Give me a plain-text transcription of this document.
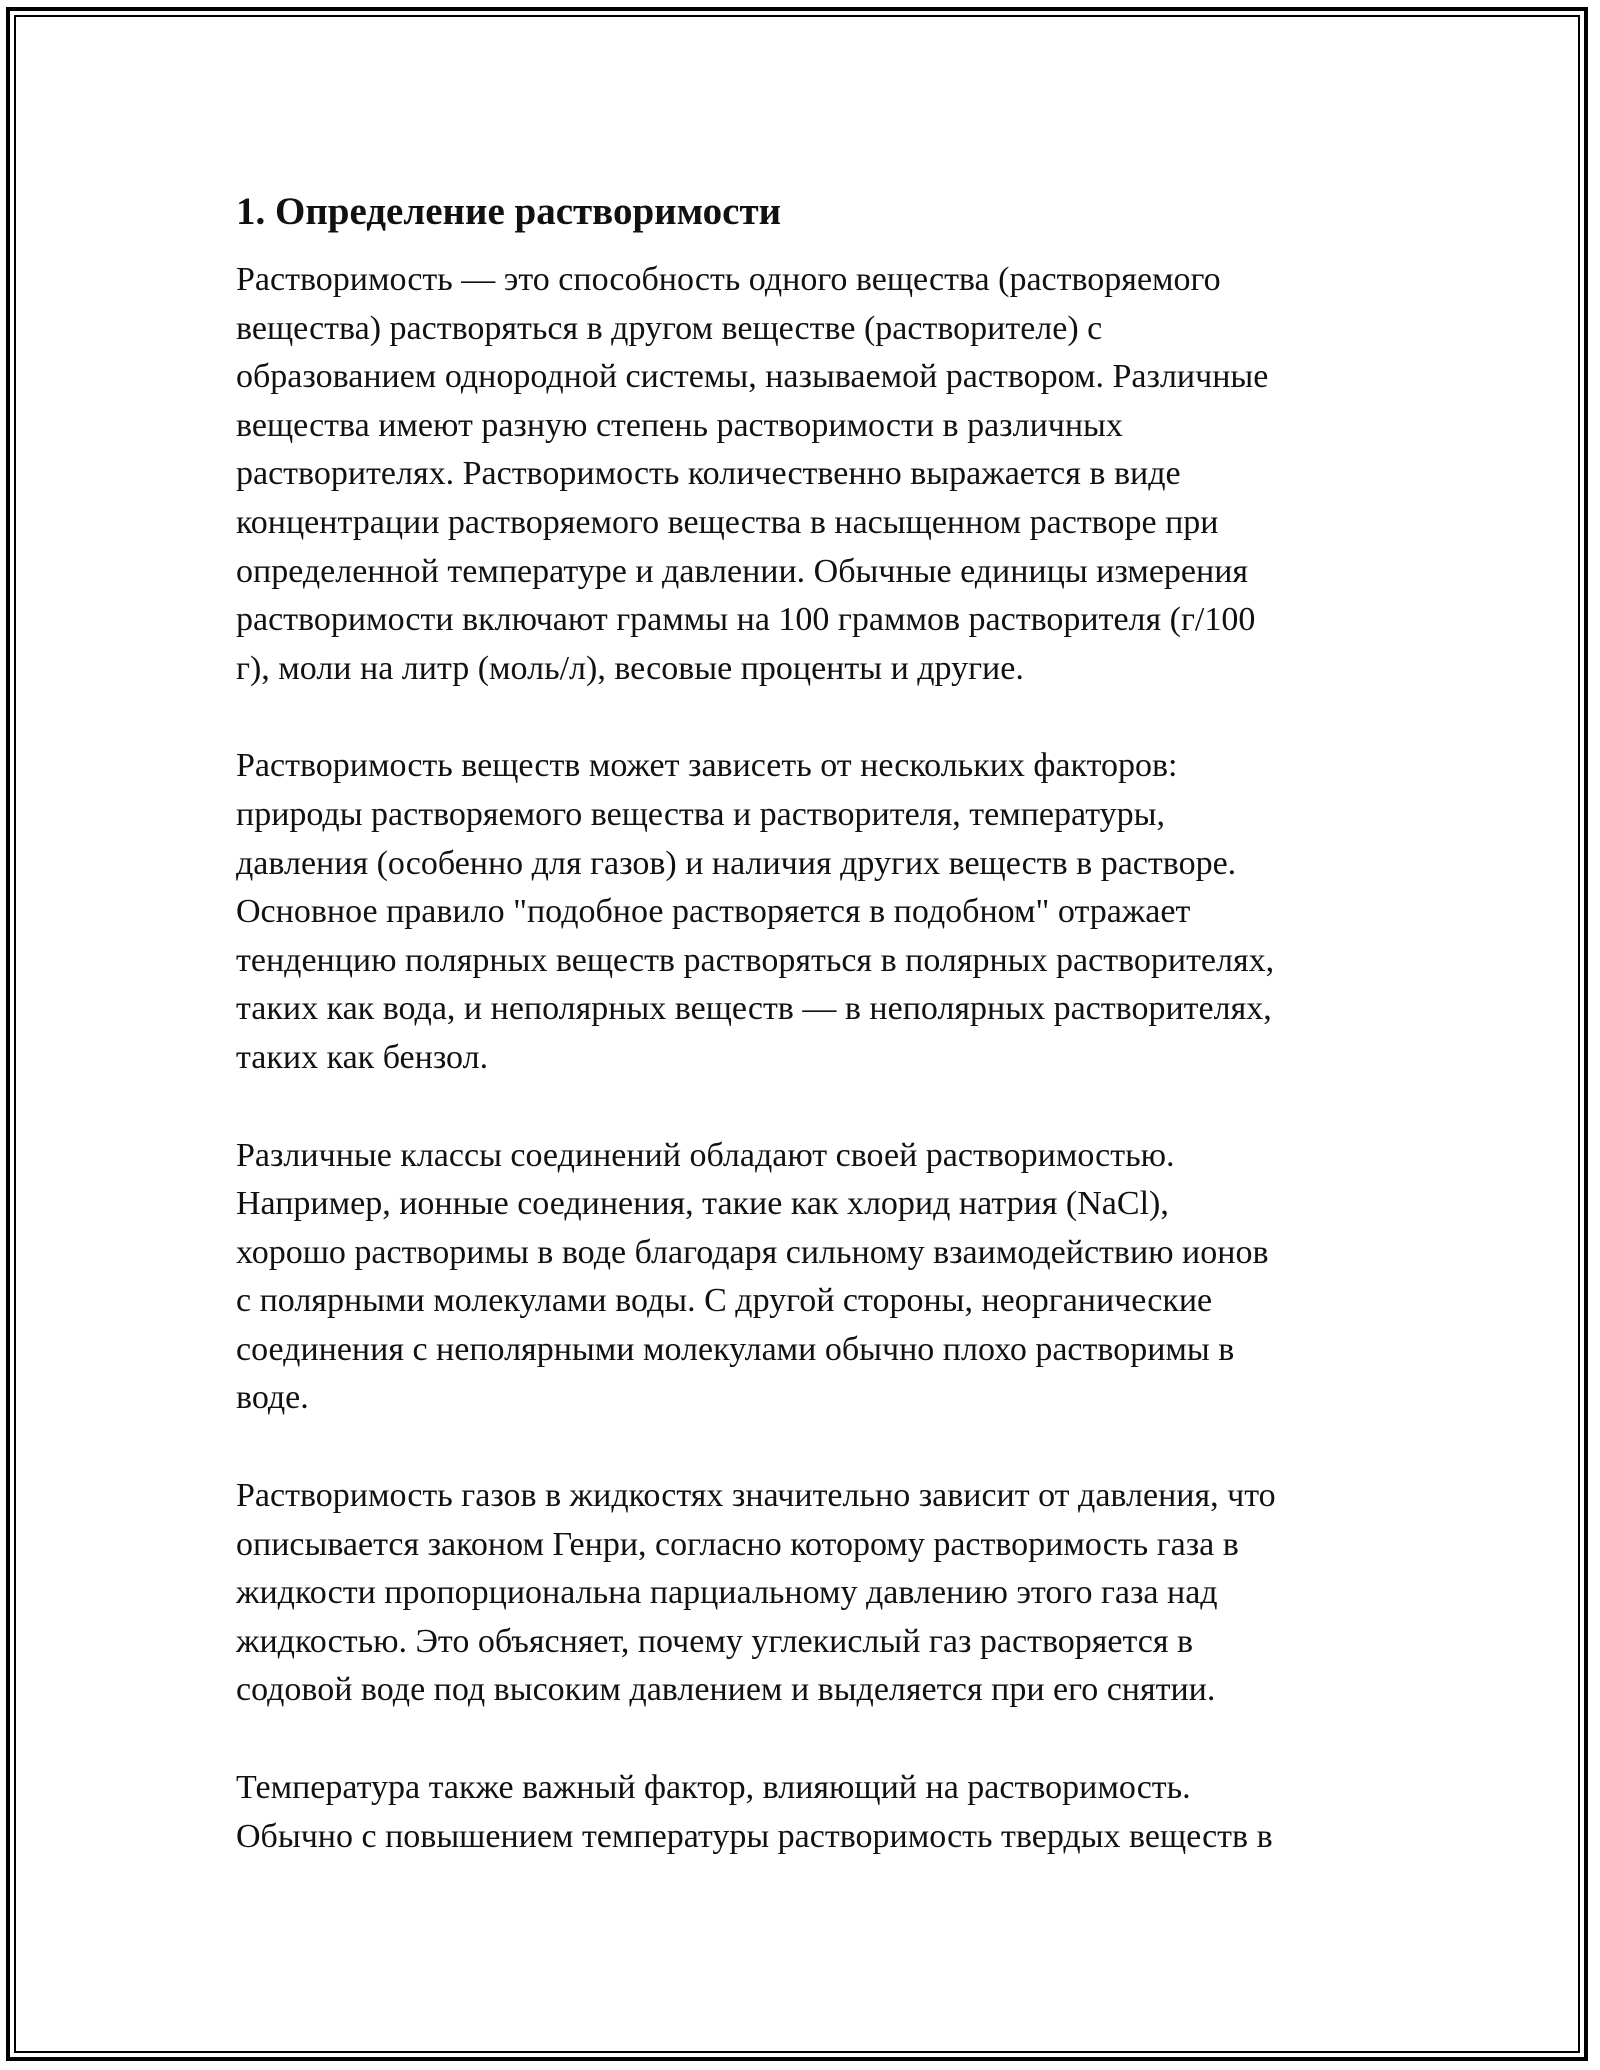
1. Определение растворимости

Растворимость — это способность одного вещества (растворяемого
вещества) растворяться в другом веществе (растворителе) с
образованием однородной системы, называемой раствором. Различные
вещества имеют разную степень растворимости в различных
растворителях. Растворимость количественно выражается в виде
концентрации растворяемого вещества в насыщенном растворе при
определенной температуре и давлении. Обычные единицы измерения
растворимости включают граммы на 100 граммов растворителя (г/100
г), моли на литр (моль/л), весовые проценты и другие.

Растворимость веществ может зависеть от нескольких факторов:
природы растворяемого вещества и растворителя, температуры,
давления (особенно для газов) и наличия других веществ в растворе.
Основное правило "подобное растворяется в подобном" отражает
тенденцию полярных веществ растворяться в полярных растворителях,
таких как вода, и неполярных веществ — в неполярных растворителях,
таких как бензол.

Различные классы соединений обладают своей растворимостью.
Например, ионные соединения, такие как хлорид натрия (NaCl),
хорошо растворимы в воде благодаря сильному взаимодействию ионов
с полярными молекулами воды. С другой стороны, неорганические
соединения с неполярными молекулами обычно плохо растворимы в
воде.

Растворимость газов в жидкостях значительно зависит от давления, что
описывается законом Генри, согласно которому растворимость газа в
жидкости пропорциональна парциальному давлению этого газа над
жидкостью. Это объясняет, почему углекислый газ растворяется в
содовой воде под высоким давлением и выделяется при его снятии.

Температура также важный фактор, влияющий на растворимость.
Обычно с повышением температуры растворимость твердых веществ в
